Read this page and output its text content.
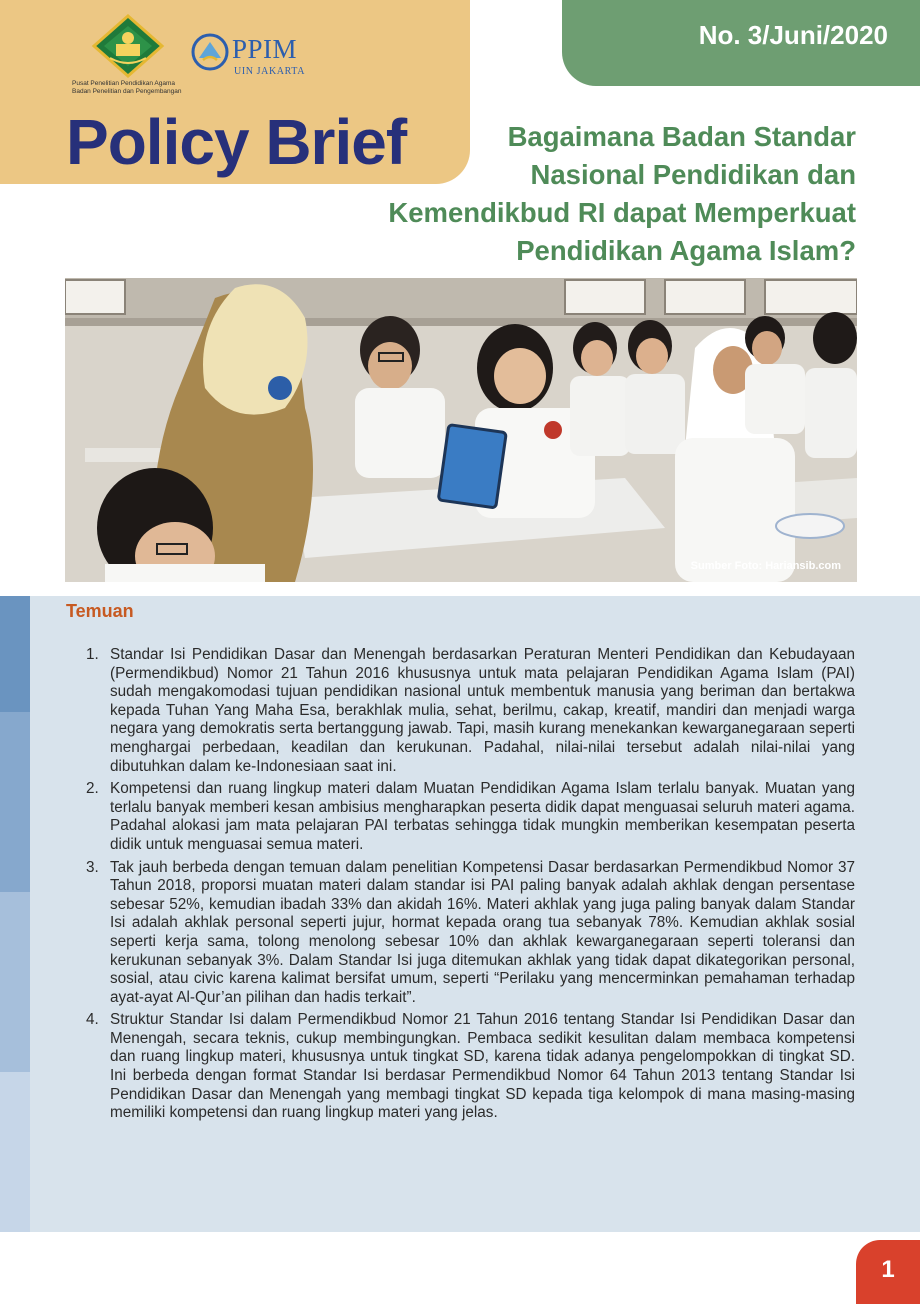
Pusat Penelitian Pendidikan Agama
Badan Penelitian dan Pengembangan
PPIM
UIN JAKARTA
Policy Brief
No. 3/Juni/2020
Bagaimana Badan Standar
Nasional Pendidikan dan
Kemendikbud RI dapat Memperkuat
Pendidikan Agama Islam?
Sumber Foto: Hariansib.com
Temuan
1. Standar Isi Pendidikan Dasar dan Menengah berdasarkan Peraturan Menteri Pendidikan dan Kebudayaan (Permendikbud) Nomor 21 Tahun 2016 khususnya untuk mata pelajaran Pendidikan Agama Islam (PAI) sudah mengakomodasi tujuan pendidikan nasional untuk membentuk manusia yang beriman dan bertakwa kepada Tuhan Yang Maha Esa, berakhlak mulia, sehat, berilmu, cakap, kreatif, mandiri dan menjadi warga negara yang demokratis serta bertanggung jawab. Tapi, masih kurang menekankan kewarganegaraan seperti menghargai perbedaan, keadilan dan kerukunan. Padahal, nilai-nilai tersebut adalah nilai-nilai yang dibutuhkan dalam ke-Indonesiaan saat ini.
2. Kompetensi dan ruang lingkup materi dalam Muatan Pendidikan Agama Islam terlalu banyak. Muatan yang terlalu banyak memberi kesan ambisius mengharapkan peserta didik dapat menguasai seluruh materi agama. Padahal alokasi jam mata pelajaran PAI terbatas sehingga tidak mungkin memberikan kesempatan peserta didik untuk menguasai semua materi.
3. Tak jauh berbeda dengan temuan dalam penelitian Kompetensi Dasar berdasarkan Permendikbud Nomor 37 Tahun 2018, proporsi muatan materi dalam standar isi PAI paling banyak adalah akhlak dengan persentase sebesar 52%, kemudian ibadah 33% dan akidah 16%. Materi akhlak yang juga paling banyak dalam Standar Isi adalah akhlak personal seperti jujur, hormat kepada orang tua sebanyak 78%. Kemudian akhlak sosial seperti kerja sama, tolong menolong sebesar 10% dan akhlak kewarganegaraan seperti toleransi dan kerukunan sebanyak 3%. Dalam Standar Isi juga ditemukan akhlak yang tidak dapat dikategorikan personal, sosial, atau civic karena kalimat bersifat umum, seperti “Perilaku yang mencerminkan pemahaman terhadap ayat-ayat Al-Qur’an pilihan dan hadis terkait”.
4. Struktur Standar Isi dalam Permendikbud Nomor 21 Tahun 2016 tentang Standar Isi Pendidikan Dasar dan Menengah, secara teknis, cukup membingungkan. Pembaca sedikit kesulitan dalam membaca kompetensi dan ruang lingkup materi, khususnya untuk tingkat SD, karena tidak adanya pengelompokkan di tingkat SD. Ini berbeda dengan format Standar Isi berdasar Permendikbud Nomor 64 Tahun 2013 tentang Standar Isi Pendidikan Dasar dan Menengah yang membagi tingkat SD kepada tiga kelompok di mana masing-masing memiliki kompetensi dan ruang lingkup materi yang jelas.
1
